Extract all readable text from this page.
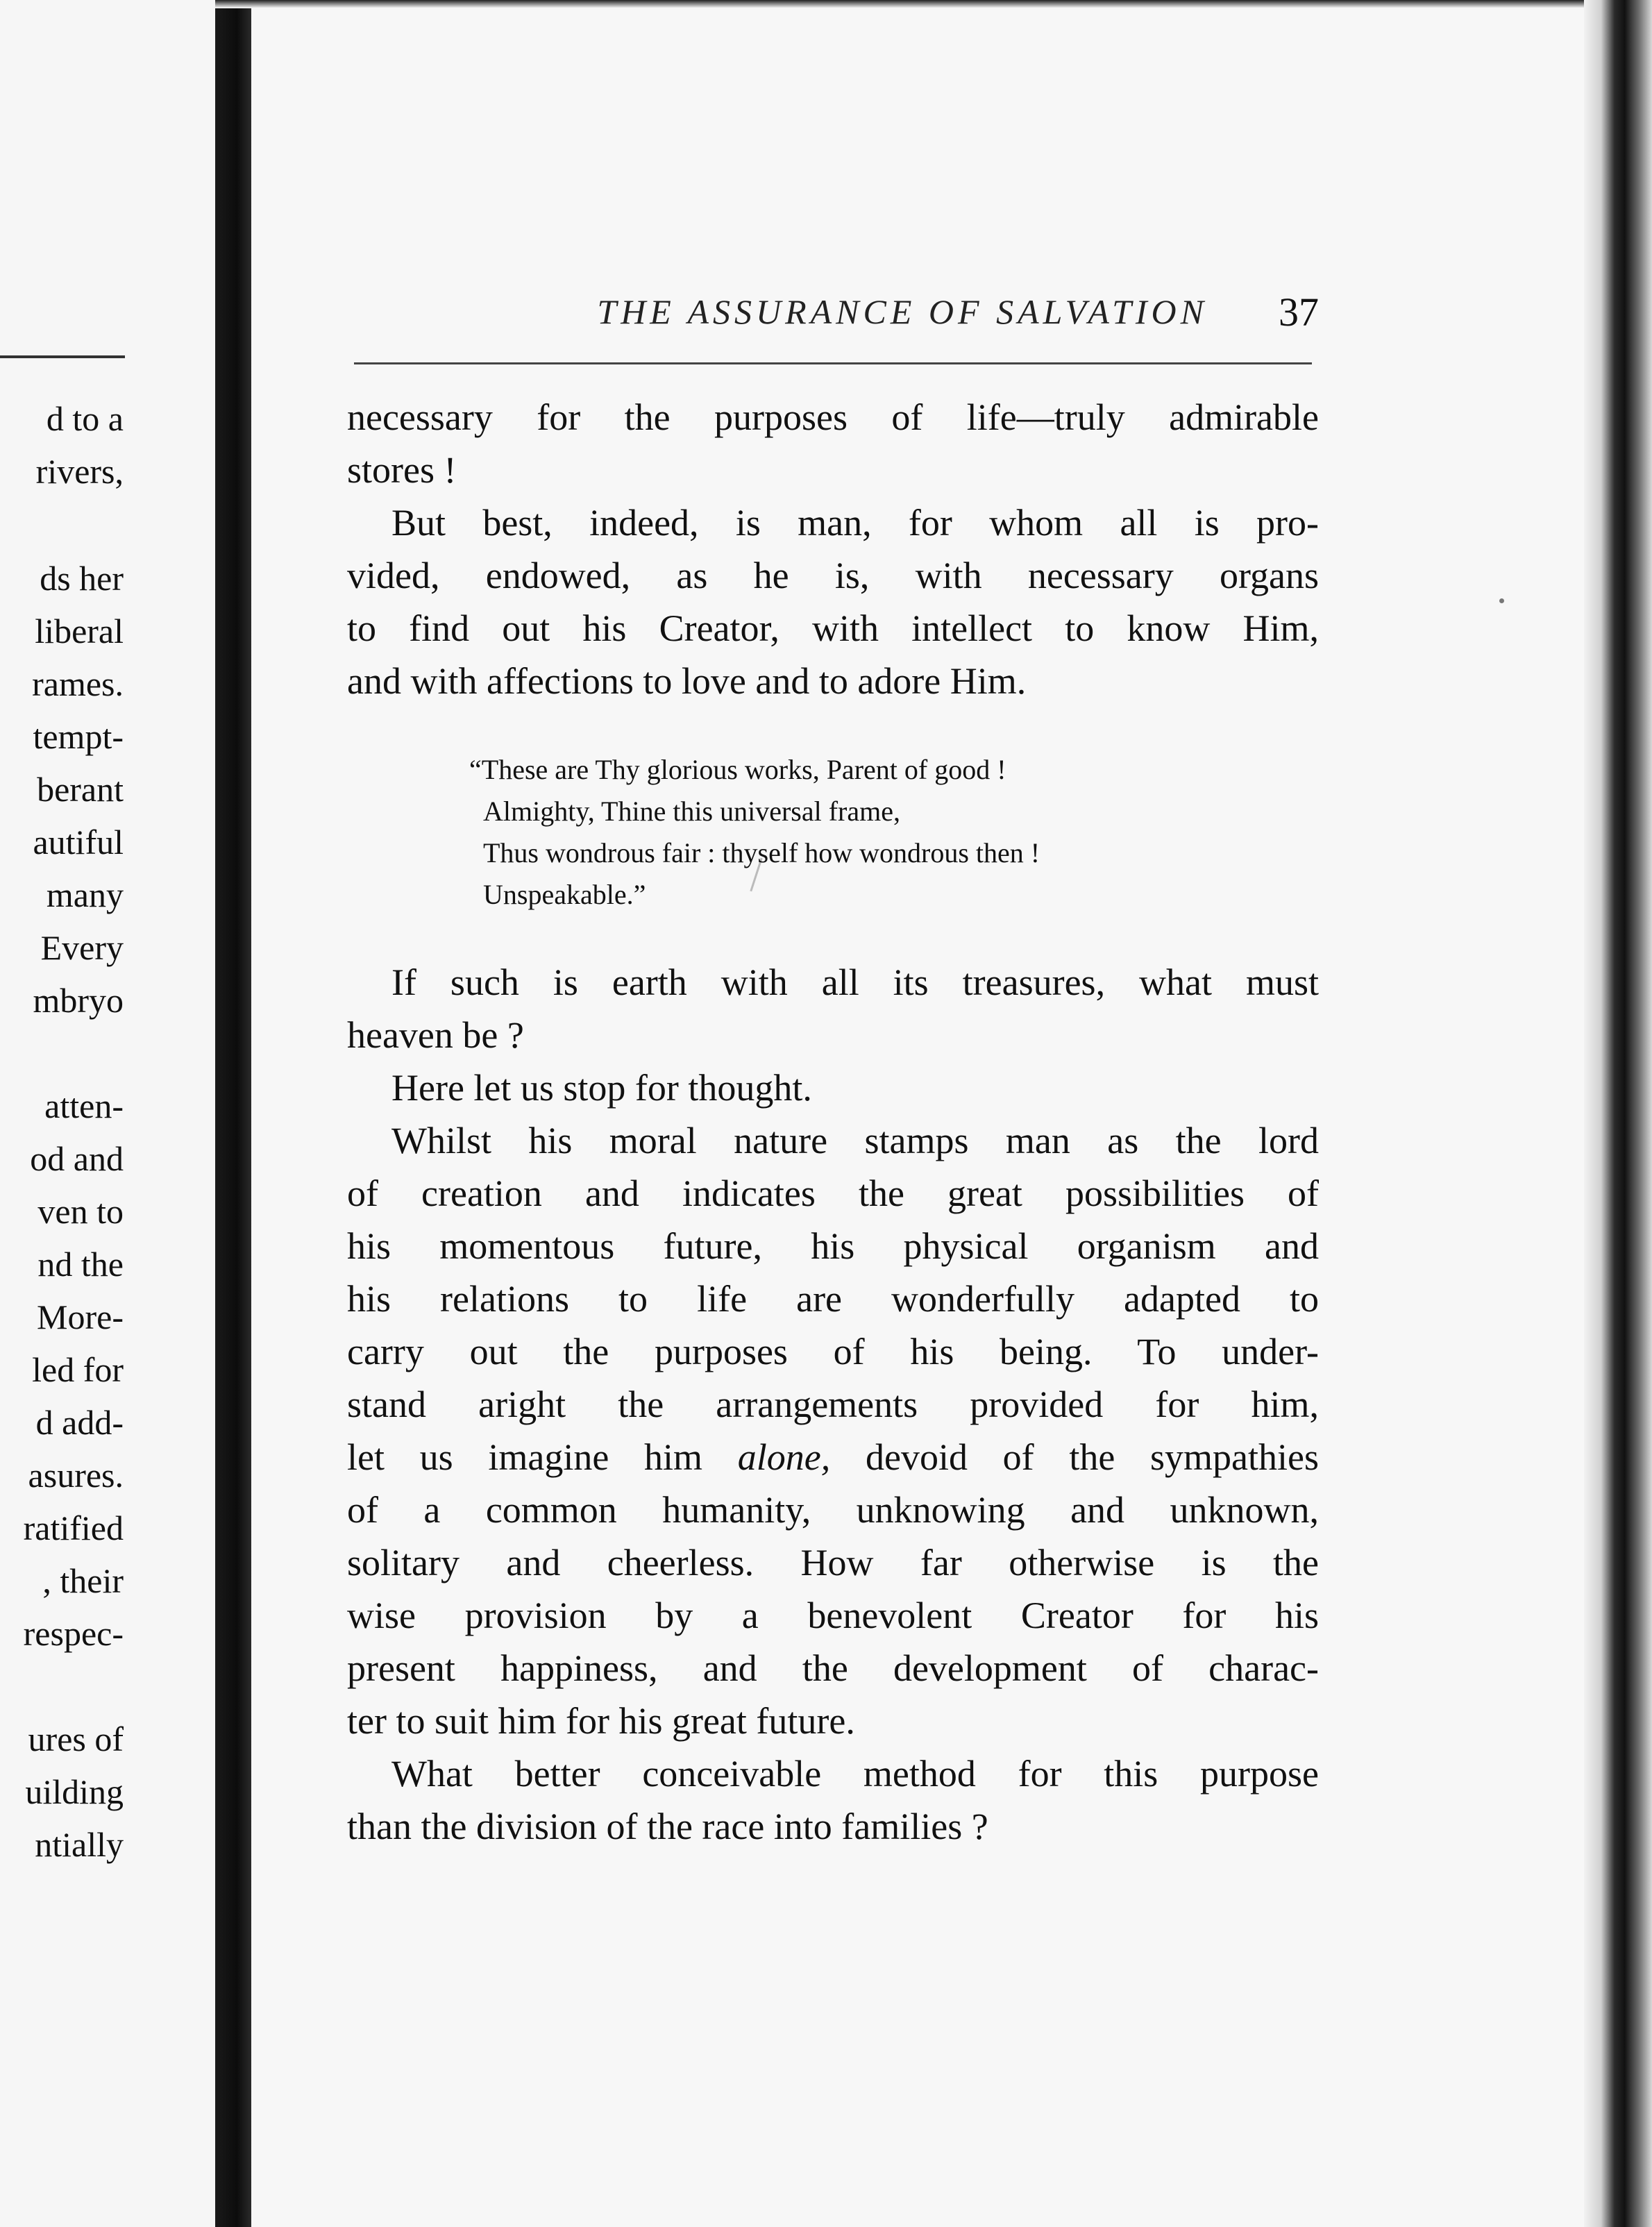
d to a
rivers,
ds her
liberal
rames.
tempt-
berant
autiful
many
Every
mbryo
atten-
od and
ven to
nd the
More-
led for
d add-
asures.
ratified
, their
respec-
ures of
uilding
ntially
THE ASSURANCE OF SALVATION 37
necessary for the purposes of life—truly admirable
stores !
But best, indeed, is man, for whom all is pro-
vided, endowed, as he is, with necessary organs
to find out his Creator, with intellect to know Him,
and with affections to love and to adore Him.
“These are Thy glorious works, Parent of good !
Almighty, Thine this universal frame,
Thus wondrous fair : thyself how wondrous then !
Unspeakable.”
If such is earth with all its treasures, what must
heaven be ?
Here let us stop for thought.
Whilst his moral nature stamps man as the lord
of creation and indicates the great possibilities of
his momentous future, his physical organism and
his relations to life are wonderfully adapted to
carry out the purposes of his being. To under-
stand aright the arrangements provided for him,
let us imagine him alone, devoid of the sympathies
of a common humanity, unknowing and unknown,
solitary and cheerless. How far otherwise is the
wise provision by a benevolent Creator for his
present happiness, and the development of charac-
ter to suit him for his great future.
What better conceivable method for this purpose
than the division of the race into families ?
